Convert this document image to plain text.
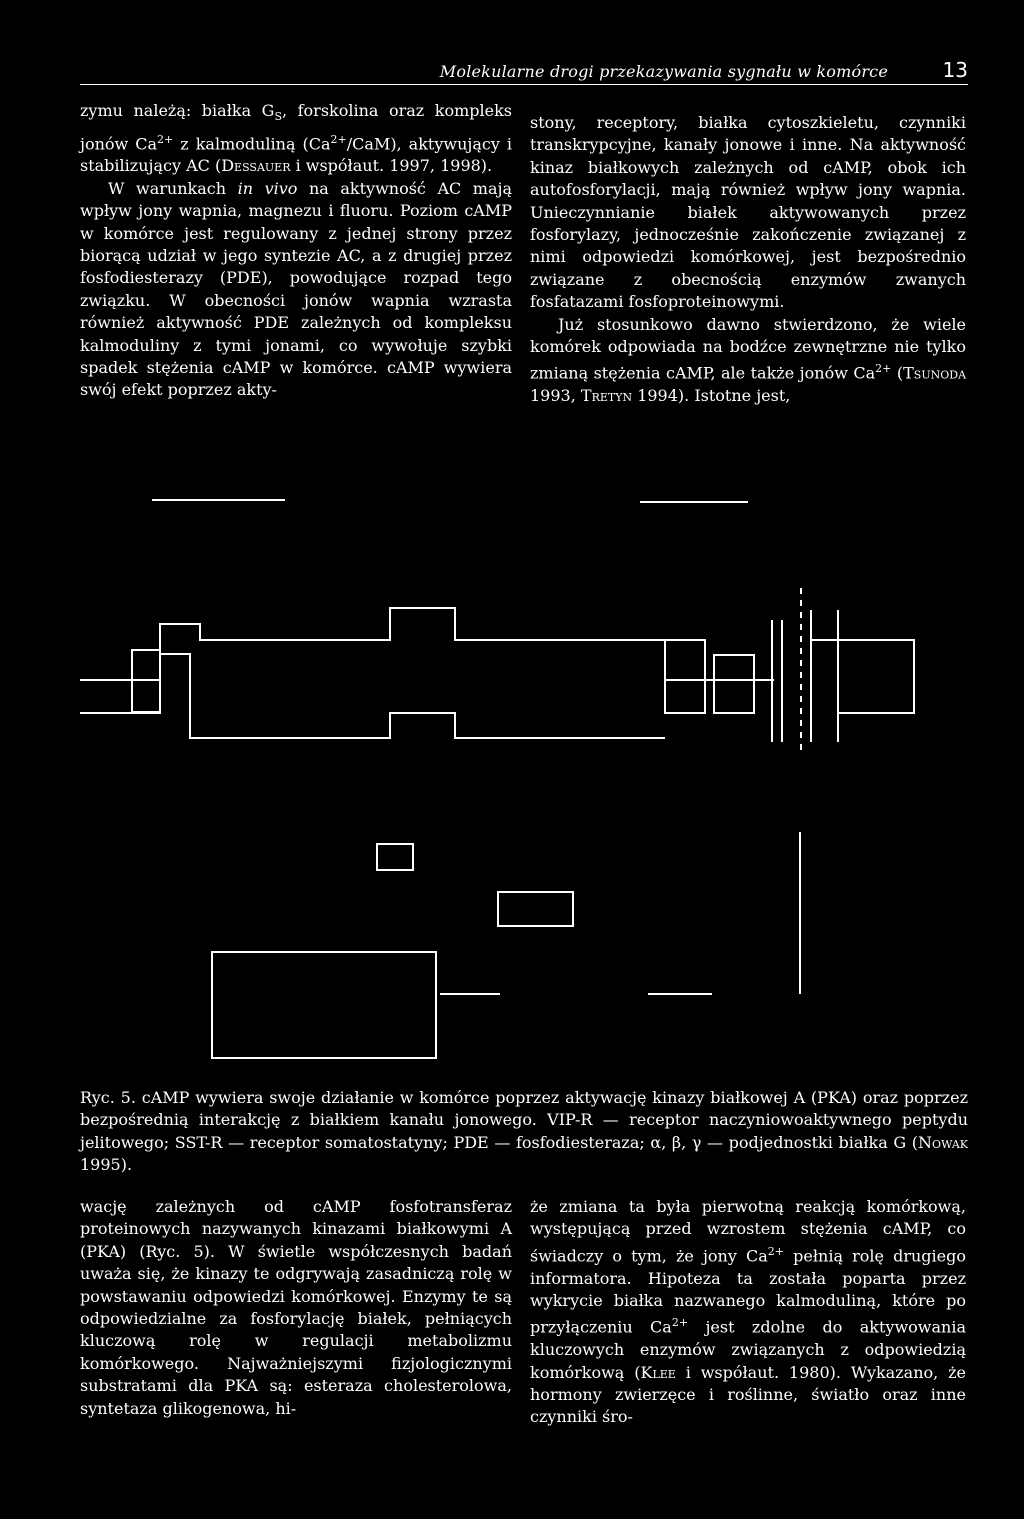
Molekularne drogi przekazywania sygnału w komórce	13

zymu należą: białka $G_S$, forskolina oraz kompleks jonów $Ca^{2+}$ z kalmoduliną $(Ca^{2+}/CaM)$, aktywujący i stabilizujący AC (Dessauer i współaut. 1997, 1998).

W warunkach in vivo na aktywność AC mają wpływ jony wapnia, magnezu i fluoru. Poziom cAMP w komórce jest regulowany z jednej strony przez biorącą udział w jego syntezie AC, a z drugiej przez fosfodiesterazy (PDE), powodujące rozpad tego związku. W obecności jonów wapnia wzrasta również aktywność PDE zależnych od kompleksu kalmoduliny z tymi jonami, co wywołuje szybki spadek stężenia cAMP w komórce. cAMP wywiera swój efekt poprzez akty-

stony, receptory, białka cytoszkieletu, czynniki transkrypcyjne, kanały jonowe i inne. Na aktywność kinaz białkowych zależnych od cAMP, obok ich autofosforylacji, mają również wpływ jony wapnia. Unieczynnianie białek aktywowanych przez fosforylazy, jednocześnie zakończenie związanej z nimi odpowiedzi komórkowej, jest bezpośrednio związane z obecnością enzymów zwanych fosfatazami fosfoproteinowymi.

Już stosunkowo dawno stwierdzono, że wiele komórek odpowiada na bodźce zewnętrzne nie tylko zmianą stężenia cAMP, ale także jonów $Ca^{2+}$ (Tsunoda 1993, Tretyn 1994). Istotne jest,

Ryc. 5. cAMP wywiera swoje działanie w komórce poprzez aktywację kinazy białkowej A (PKA) oraz poprzez bezpośrednią interakcję z białkiem kanału jonowego. VIP-R — receptor naczyniowoaktywnego peptydu jelitowego; SST-R — receptor somatostatyny; PDE — fosfodiesteraza; α, β, γ — podjednostki białka G (Nowak 1995).

wację zależnych od cAMP fosfotransferaz proteinowych nazywanych kinazami białkowymi A (PKA) (Ryc. 5). W świetle współczesnych badań uważa się, że kinazy te odgrywają zasadniczą rolę w powstawaniu odpowiedzi komórkowej. Enzymy te są odpowiedzialne za fosforylację białek, pełniących kluczową rolę w regulacji metabolizmu komórkowego. Najważniejszymi fizjologicznymi substratami dla PKA są: esteraza cholesterolowa, syntetaza glikogenowa, hi-

że zmiana ta była pierwotną reakcją komórkową, występującą przed wzrostem stężenia cAMP, co świadczy o tym, że jony $Ca^{2+}$ pełnią rolę drugiego informatora. Hipoteza ta została poparta przez wykrycie białka nazwanego kalmoduliną, które po przyłączeniu $Ca^{2+}$ jest zdolne do aktywowania kluczowych enzymów związanych z odpowiedzią komórkową (Klee i współaut. 1980). Wykazano, że hormony zwierzęce i roślinne, światło oraz inne czynniki śro-
